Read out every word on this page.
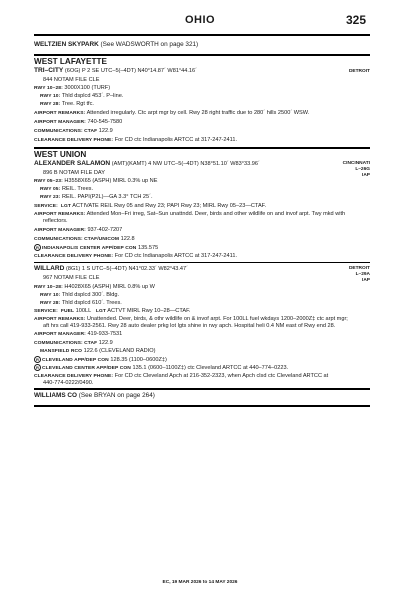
OHIO	325
WELTZIEN SKYPARK (See WADSWORTH on page 321)
WEST LAFAYETTE
TRI–CITY (6OG) P 2 SE UTC–5(–4DT) N40°14.87´ W81°44.16´	DETROIT
844 NOTAM FILE CLE
RWY 10–28: 3000X100 (TURF)
RWY 10: Thld dsplcd 453´. P–line.
RWY 28: Tree. Rgt tfc.
AIRPORT REMARKS: Attended irregularly. Ctc arpt mgr by cell. Rwy 28 right traffic due to 280´ hills 2500´ WSW.
AIRPORT MANAGER: 740-545-7580
COMMUNICATIONS: CTAF 122.9
CLEARANCE DELIVERY PHONE: For CD ctc Indianapolis ARTCC at 317-247-2411.
WEST UNION
ALEXANDER SALAMON (AMT)(KAMT) 4 NW UTC–5(–4DT) N38°51.10´ W83°33.96´	CINCINNATI
L–26G
IAP
896 B NOTAM FILE DAY
RWY 05–23: H3558X65 (ASPH) MIRL 0.3% up NE
RWY 05: REIL. Trees.
RWY 23: REIL. PAPI(P2L)—GA 3.3° TCH 25´.
SERVICE: LGT ACTIVATE REIL Rwy 05 and Rwy 23; PAPI Rwy 23; MIRL Rwy 05–23—CTAF.
AIRPORT REMARKS: Attended Mon–Fri irreg, Sat–Sun unattndd. Deer, birds and other wildlife on and invof arpt. Twy mkd with
reflectors.
AIRPORT MANAGER: 937-402-7207
COMMUNICATIONS: CTAF/UNICOM 122.8
R INDIANAPOLIS CENTER APP/DEP CON 135.575
CLEARANCE DELIVERY PHONE: For CD ctc Indianapolis ARTCC at 317-247-2411.
WILLARD (8G1) 1 S UTC–5(–4DT) N41°02.33´ W82°43.47´	DETROIT
L–29A
IAP
967 NOTAM FILE CLE
RWY 10–28: H4028X65 (ASPH) MIRL 0.8% up W
RWY 10: Thld dsplcd 300´. Bldg.
RWY 28: Thld dsplcd 610´. Trees.
SERVICE: FUEL 100LL LGT ACTVT MIRL Rwy 10–28—CTAF.
AIRPORT REMARKS: Unattended. Deer, birds, & othr wildlife on & invof arpt. For 100LL fuel wkdays 1200–2000Z‡ ctc arpt mgr;
aft hrs call 419-933-2561. Rwy 28 auto dealer prkg lot lgts shine in rwy apch. Hospital heli 0.4 NM east of Rwy end 28.
AIRPORT MANAGER: 419-933-7531
COMMUNICATIONS: CTAF 122.9
MANSFIELD RCO 122.6 (CLEVELAND RADIO)
R CLEVELAND APP/DEP CON 128.35 (1100–0600Z‡)
R CLEVELAND CENTER APP/DEP CON 135.1 (0600–1100Z‡) ctc Cleveland ARTCC at 440–774–0223.
CLEARANCE DELIVERY PHONE: For CD ctc Cleveland Apch at 216-352-2323, when Apch clsd ctc Cleveland ARTCC at
440-774-0222/0490.
WILLIAMS CO (See BRYAN on page 264)
EC, 19 MAR 2026 to 14 MAY 2026
